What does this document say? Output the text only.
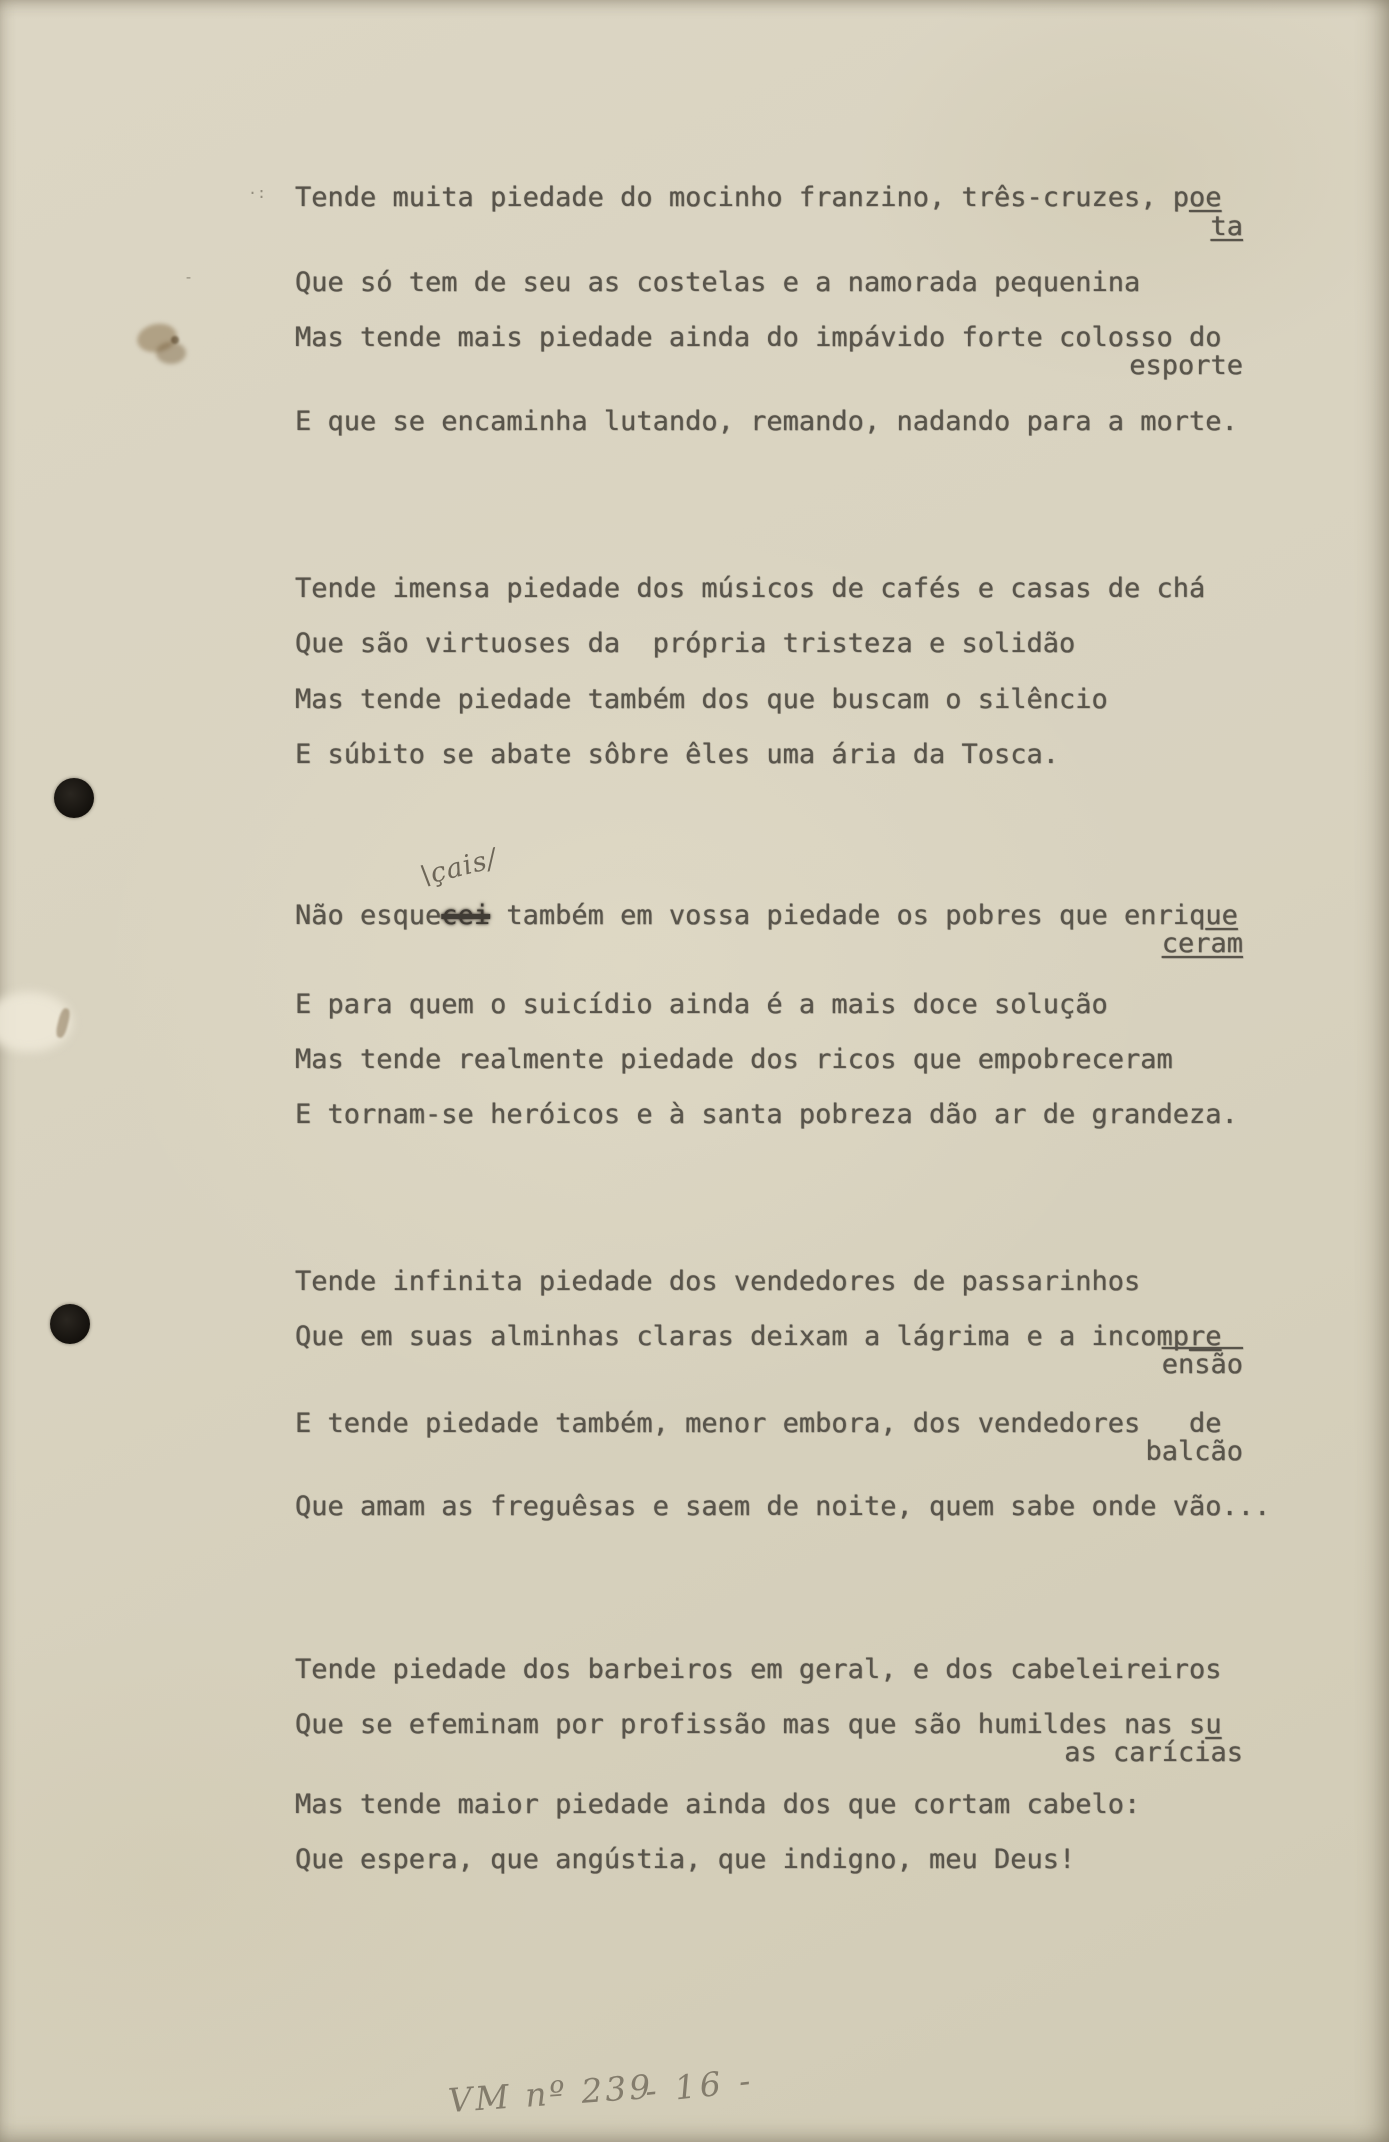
·:
-
Tende muita piedade do mocinho franzino, três-cruzes, poe
ta
Que só tem de seu as costelas e a namorada pequenina
Mas tende mais piedade ainda do impávido forte colosso do
esporte
E que se encaminha lutando, remando, nadando para a morte.
Tende imensa piedade dos músicos de cafés e casas de chá
Que são virtuoses da  própria tristeza e solidão
Mas tende piedade também dos que buscam o silêncio
E súbito se abate sôbre êles uma ária da Tosca.
Não esquecei também em vossa piedade os pobres que enrique
ceram
E para quem o suicídio ainda é a mais doce solução
Mas tende realmente piedade dos ricos que empobreceram
E tornam-se heróicos e à santa pobreza dão ar de grandeza.
Tende infinita piedade dos vendedores de passarinhos
Que em suas alminhas claras deixam a lágrima e a incompre
ensão
E tende piedade também, menor embora, dos vendedores   de
balcão
Que amam as freguêsas e saem de noite, quem sabe onde vão...
Tende piedade dos barbeiros em geral, e dos cabeleireiros
Que se efeminam por profissão mas que são humildes nas su
as carícias
Mas tende maior piedade ainda dos que cortam cabelo:
Que espera, que angústia, que indigno, meu Deus!
\çais/
VM nº 239
- 16 -
